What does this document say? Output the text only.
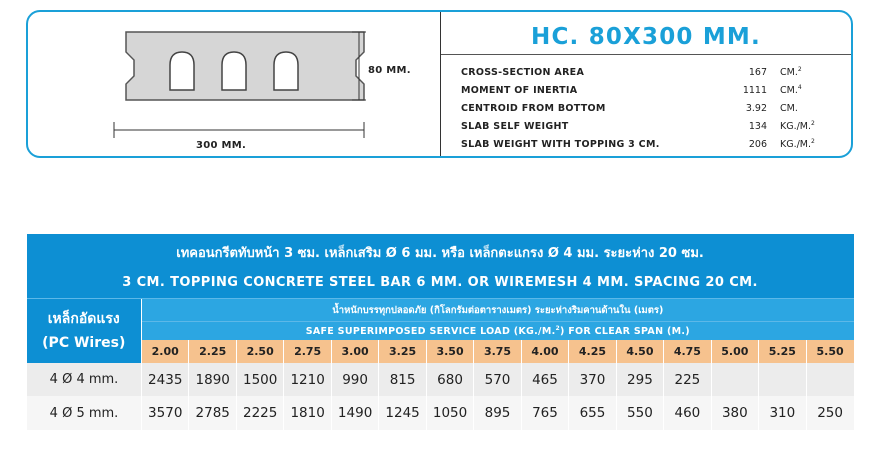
80 MM.
300 MM.
HC. 80X300 MM.
CROSS-SECTION AREA	167 CM.$^2$
MOMENT OF INERTIA	1111 CM.$^4$
CENTROID FROM BOTTOM	3.92 CM.
SLAB SELF WEIGHT	134 KG./M.$^2$
SLAB WEIGHT WITH TOPPING 3 CM.	206 KG./M.$^2$
เทคอนกรีตทับหน้า 3 ซม. เหล็กเสริม Ø 6 มม. หรือ เหล็กตะแกรง Ø 4 มม. ระยะห่าง 20 ซม.															
3 CM. TOPPING CONCRETE STEEL BAR 6 MM. OR WIREMESH 4 MM. SPACING 20 CM.															

เหล็กอัดแรง
(PC Wires)	น้ำหนักบรรทุกปลอดภัย (กิโลกรัมต่อตารางเมตร) ระยะห่างริมคานด้านใน (เมตร)														
	SAFE SUPERIMPOSED SERVICE LOAD (KG./M.$^2$) FOR CLEAR SPAN (M.)														
	2.00	2.25	2.50	2.75	3.00	3.25	3.50	3.75	4.00	4.25	4.50	4.75	5.00	5.25	5.50
4 Ø 4 mm.	2435	1890	1500	1210	990	815	680	570	465	370	295	225			
4 Ø 5 mm.	3570	2785	2225	1810	1490	1245	1050	895	765	655	550	460	380	310	250
